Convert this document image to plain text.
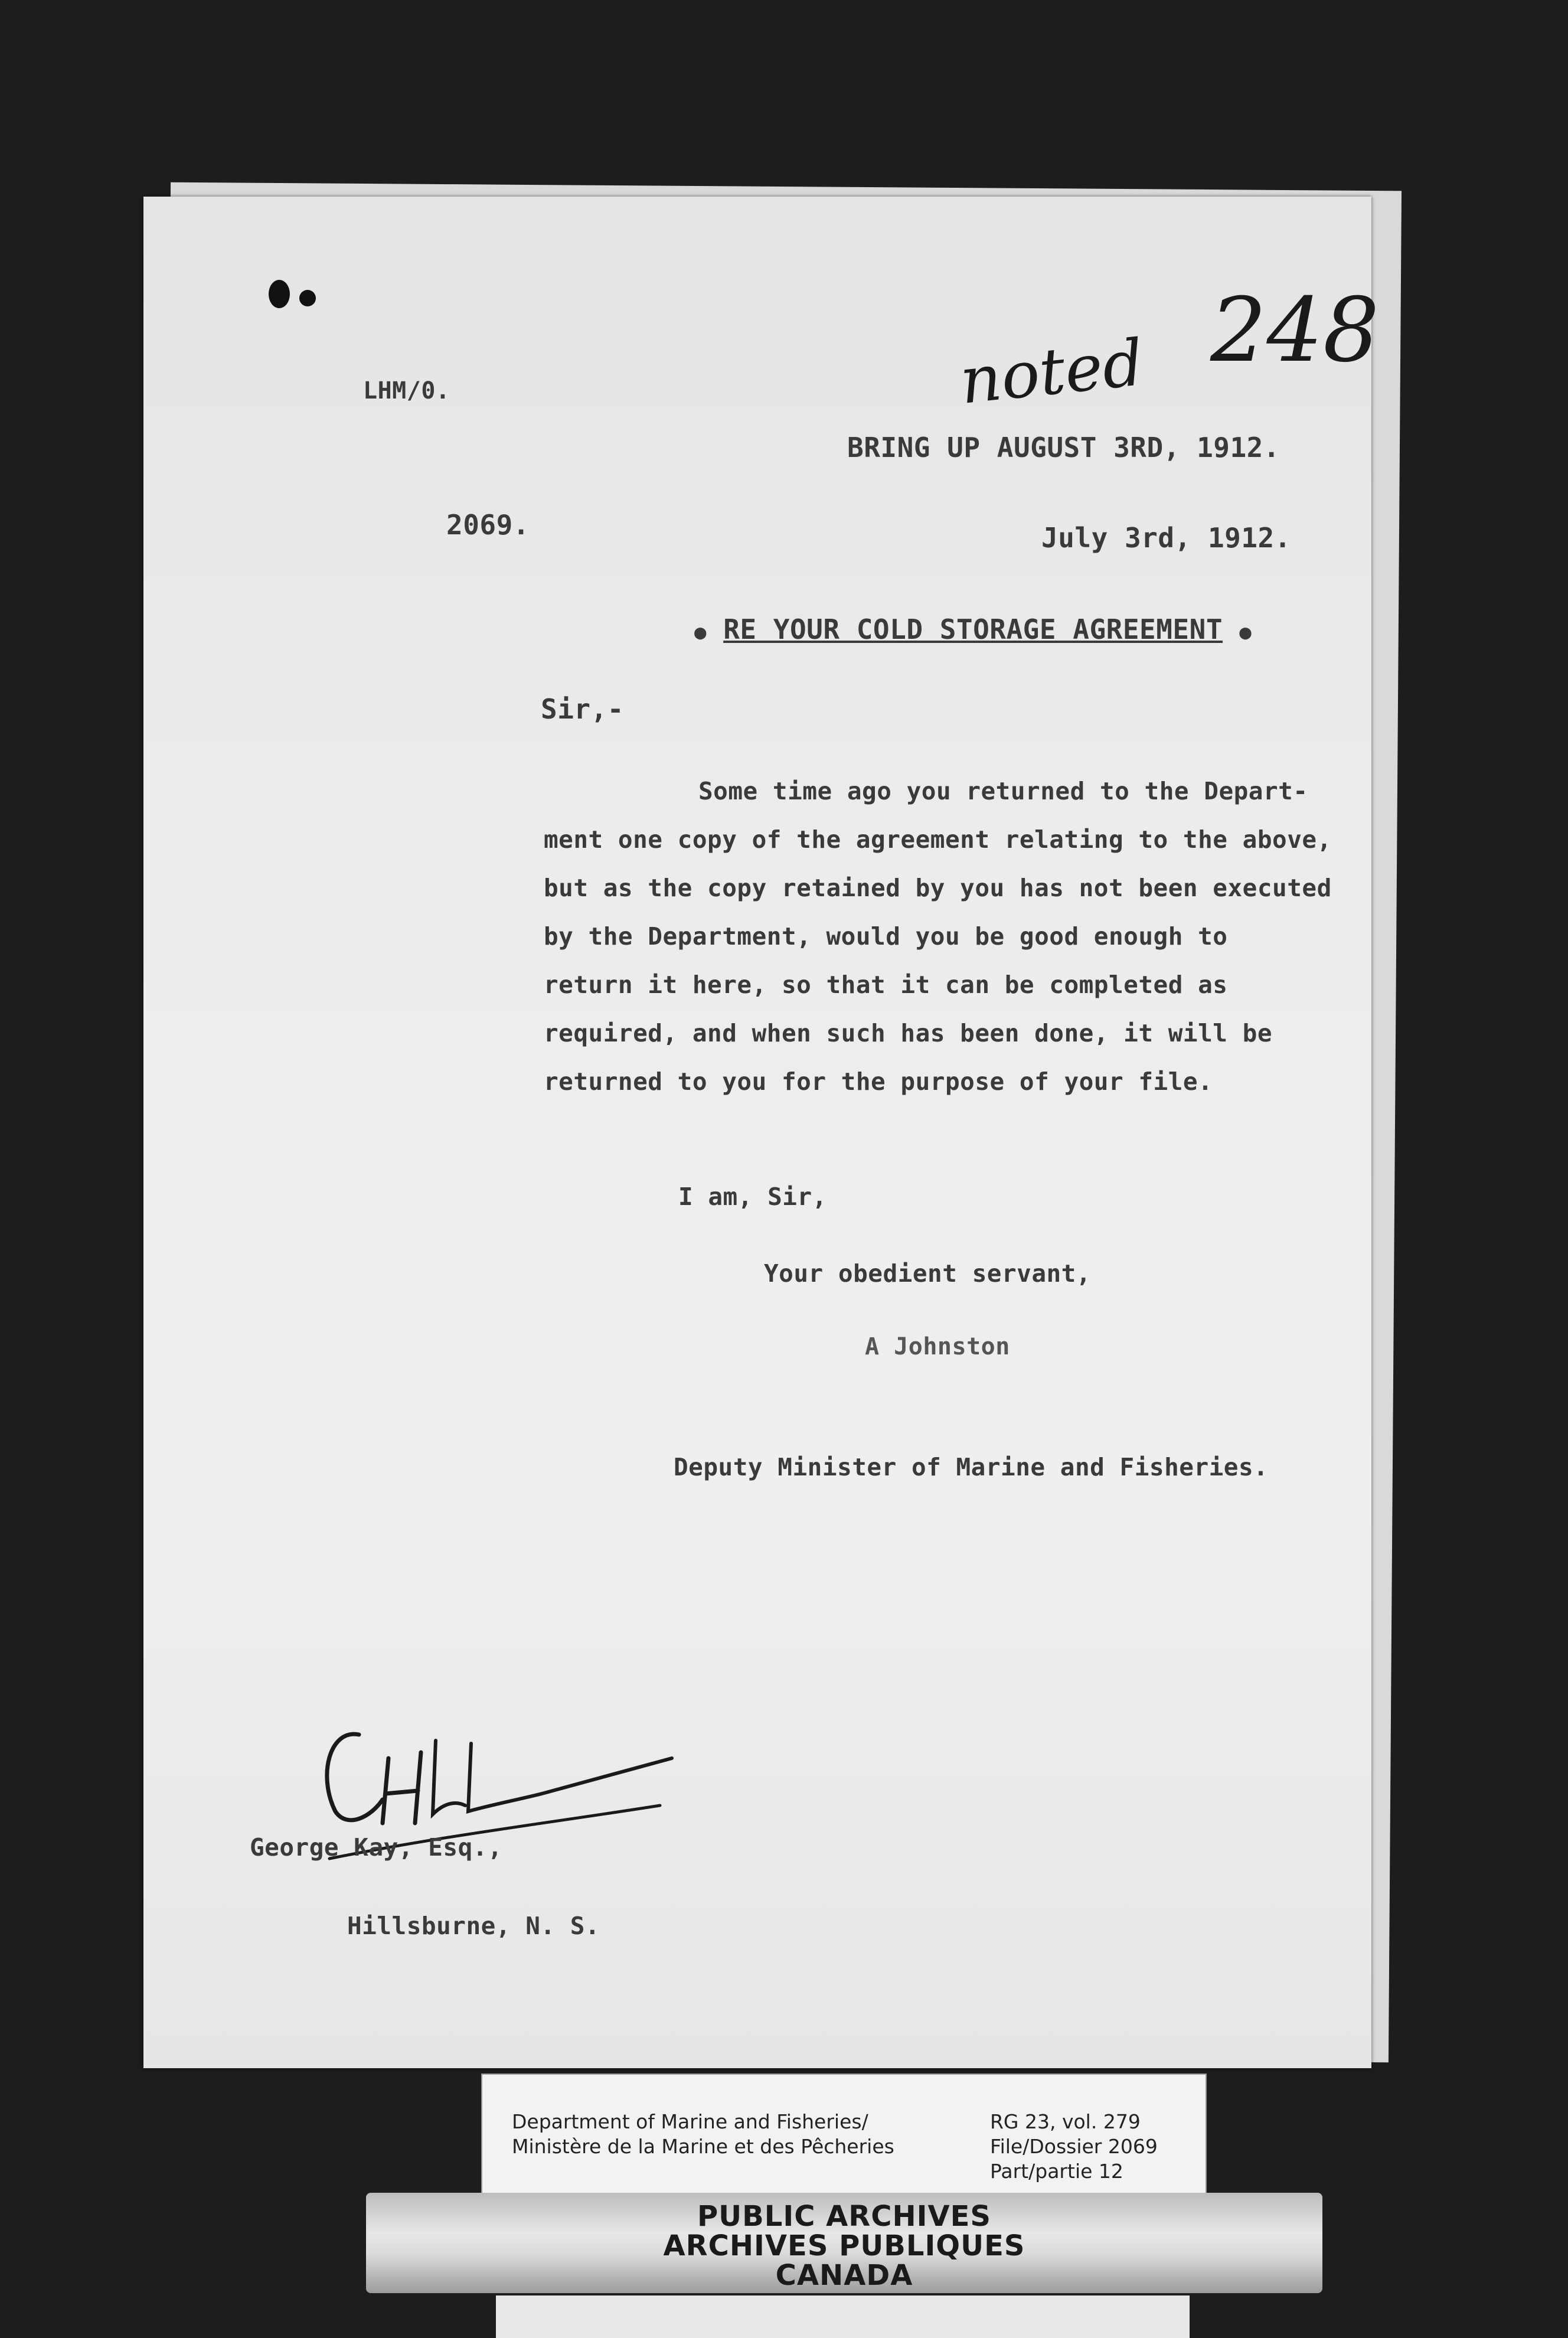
LHM/0.
248
noted
BRING UP AUGUST 3RD, 1912.
2069.	July 3rd, 1912.
● RE YOUR COLD STORAGE AGREEMENT ●
Sir,-
Some time ago you returned to the Depart-
ment one copy of the agreement relating to the above,
but as the copy retained by you has not been executed
by the Department, would you be good enough to
return it here, so that it can be completed as
required, and when such has been done, it will be
returned to you for the purpose of your file.
I am, Sir,
Your obedient servant,
A Johnston
Deputy Minister of Marine and Fisheries.
George Kay, Esq.,
Hillsburne, N. S.
Department of Marine and Fisheries/
Ministère de la Marine et des Pêcheries
RG 23, vol. 279
File/Dossier 2069
Part/partie 12
PUBLIC ARCHIVES
ARCHIVES PUBLIQUES
CANADA
